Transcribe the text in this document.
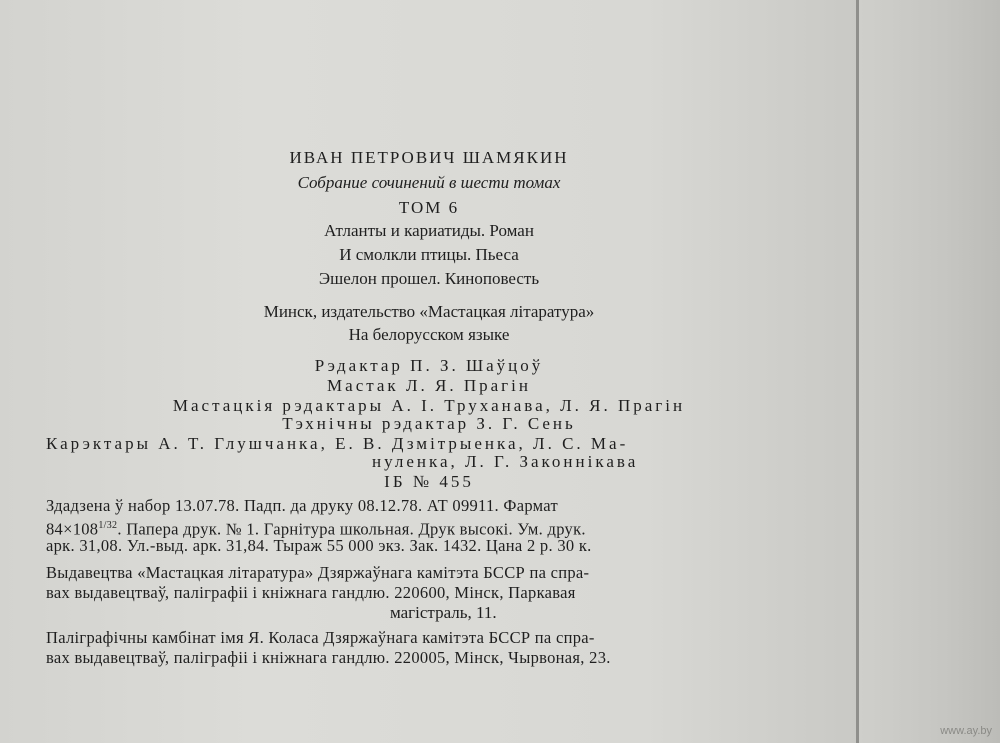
ИВАН ПЕТРОВИЧ ШАМЯКИН
Собрание сочинений в шести томах
ТОМ 6
Атланты и кариатиды. Роман
И смолкли птицы. Пьеса
Эшелон прошел. Киноповесть
Минск, издательство «Мастацкая літаратура»
На белорусском языке
Рэдактар П. З. Шаўцоў
Мастак Л. Я. Прагін
Мастацкія рэдактары А. І. Труханава, Л. Я. Прагін
Тэхнічны рэдактар З. Г. Сень
Карэктары А. Т. Глушчанка, Е. В. Дзмітрыенка, Л. С. Ма-
нуленка, Л. Г. Законнікава
ІБ № 455
Здадзена ў набор 13.07.78. Падп. да друку 08.12.78. АТ 09911. Фармат
$84\times 108^{1/32}$. Папера друк. № 1. Гарнітура школьная. Друк высокі. Ум. друк.
арк. 31,08. Ул.-выд. арк. 31,84. Тыраж 55 000 экз. Зак. 1432. Цана 2 р. 30 к.
Выдавецтва «Мастацкая літаратура» Дзяржаўнага камітэта БССР па спра-
вах выдавецтваў, паліграфіі і кніжнага гандлю. 220600, Мінск, Паркавая
магістраль, 11.
Паліграфічны камбінат імя Я. Коласа Дзяржаўнага камітэта БССР па спра-
вах выдавецтваў, паліграфіі і кніжнага гандлю. 220005, Мінск, Чырвоная, 23.
www.ay.by
